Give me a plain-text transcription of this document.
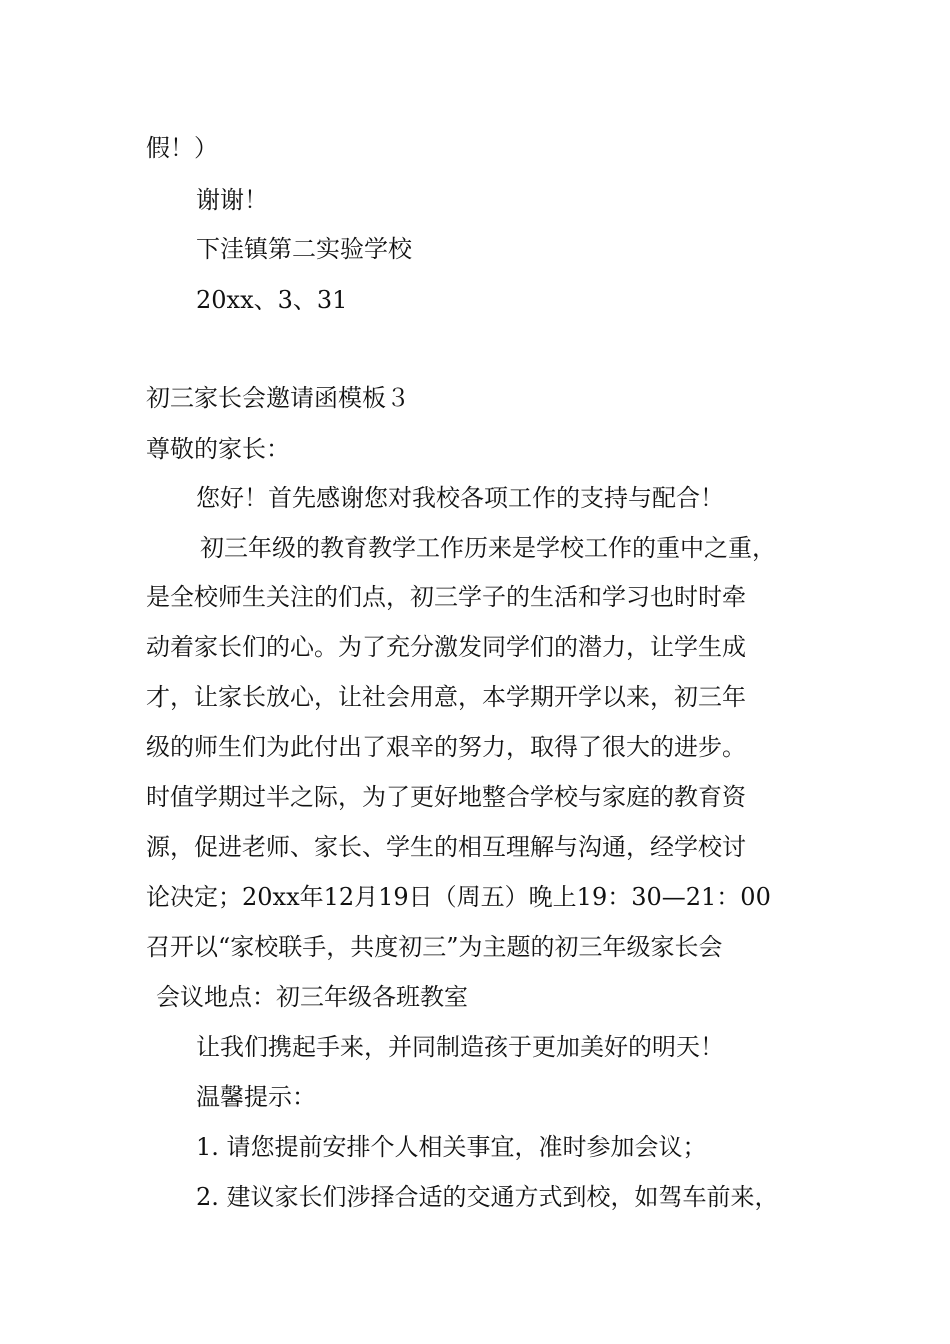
假！）
谢谢！
下洼镇第二实验学校
20xx、3、31
初三家长会邀请函模板３
尊敬的家长：
您好！首先感谢您对我校各项工作的支持与配合！
初三年级的教育教学工作历来是学校工作的重中之重，
是全校师生关注的们点，初三学子的生活和学习也时时牵
动着家长们的心。为了充分激发同学们的潜力，让学生成
才，让家长放心，让社会用意，本学期开学以来，初三年
级的师生们为此付出了艰辛的努力，取得了很大的进步。
时值学期过半之际，为了更好地整合学校与家庭的教育资
源，促进老师、家长、学生的相互理解与沟通，经学校讨
论决定；20xx年12月19日（周五）晚上19：30—21：00
召开以“家校联手，共度初三”为主题的初三年级家长会
会议地点：初三年级各班教室
让我们携起手来，并同制造孩于更加美好的明天！
温馨提示：
1. 请您提前安排个人相关事宜，准时参加会议；
2. 建议家长们涉择合适的交通方式到校，如驾车前来，
